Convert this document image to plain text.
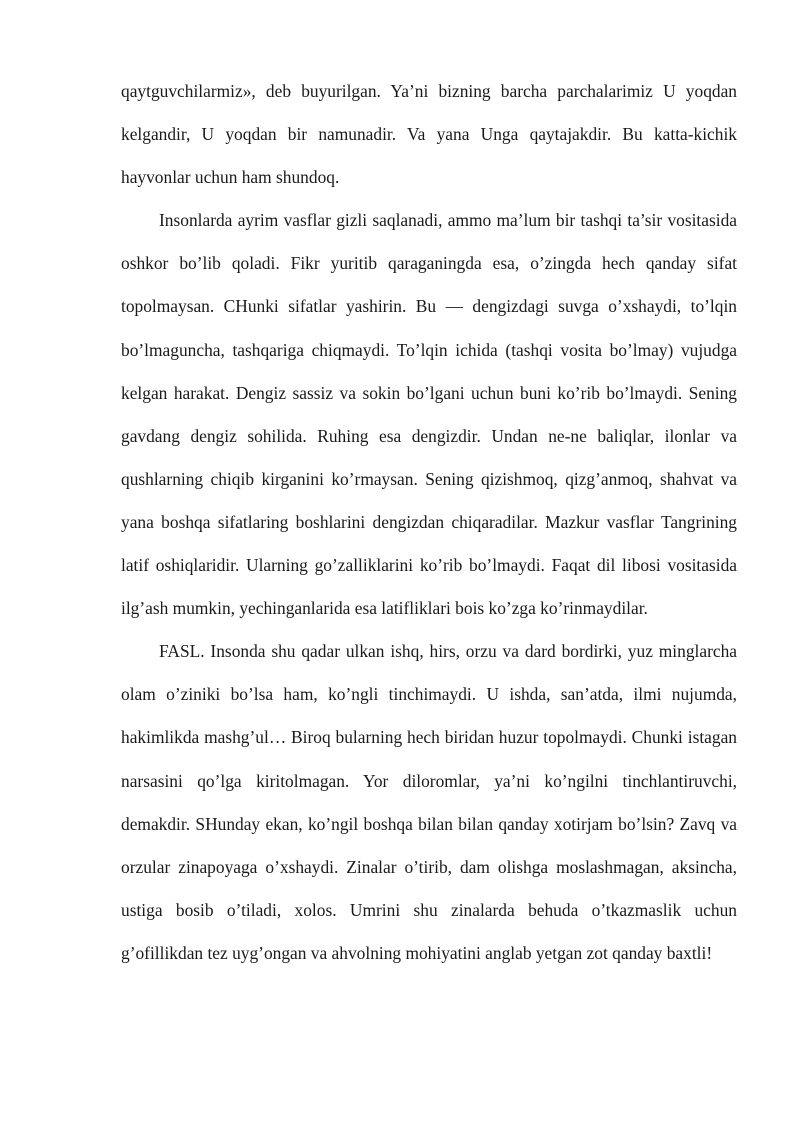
qaytguvchilarmiz», deb buyurilgan. Ya’ni bizning barcha parchalarimiz U yoqdan kelgandir, U yoqdan bir namunadir. Va yana Unga qaytajakdir. Bu katta-kichik hayvonlar uchun ham shundoq.

Insonlarda ayrim vasflar gizli saqlanadi, ammo ma’lum bir tashqi ta’sir vositasida oshkor bo’lib qoladi. Fikr yuritib qaraganingda esa, o’zingda hech qanday sifat topolmaysan. CHunki sifatlar yashirin. Bu — dengizdagi suvga o’xshaydi, to’lqin bo’lmaguncha, tashqariga chiqmaydi. To’lqin ichida (tashqi vosita bo’lmay) vujudga kelgan harakat. Dengiz sassiz va sokin bo’lgani uchun buni ko’rib bo’lmaydi. Sening gavdang dengiz sohilida. Ruhing esa dengizdir. Undan ne-ne baliqlar, ilonlar va qushlarning chiqib kirganini ko’rmaysan. Sening qizishmoq, qizg’anmoq, shahvat va yana boshqa sifatlaring boshlarini dengizdan chiqaradilar. Mazkur vasflar Tangrining latif oshiqlaridir. Ularning go’zalliklarini ko’rib bo’lmaydi. Faqat dil libosi vositasida ilg’ash mumkin, yechinganlarida esa latifliklari bois ko’zga ko’rinmaydilar.

FASL. Insonda shu qadar ulkan ishq, hirs, orzu va dard bordirki, yuz minglarcha olam o’ziniki bo’lsa ham, ko’ngli tinchimaydi. U ishda, san’atda, ilmi nujumda, hakimlikda mashg’ul… Biroq bularning hech biridan huzur topolmaydi. Chunki istagan narsasini qo’lga kiritolmagan. Yor diloromlar, ya’ni ko’ngilni tinchlantiruvchi, demakdir. SHunday ekan, ko’ngil boshqa bilan bilan qanday xotirjam bo’lsin? Zavq va orzular zinapoyaga o’xshaydi. Zinalar o’tirib, dam olishga moslashmagan, aksincha, ustiga bosib o’tiladi, xolos. Umrini shu zinalarda behuda o’tkazmaslik uchun g’ofillikdan tez uyg’ongan va ahvolning mohiyatini anglab yetgan zot qanday baxtli!
